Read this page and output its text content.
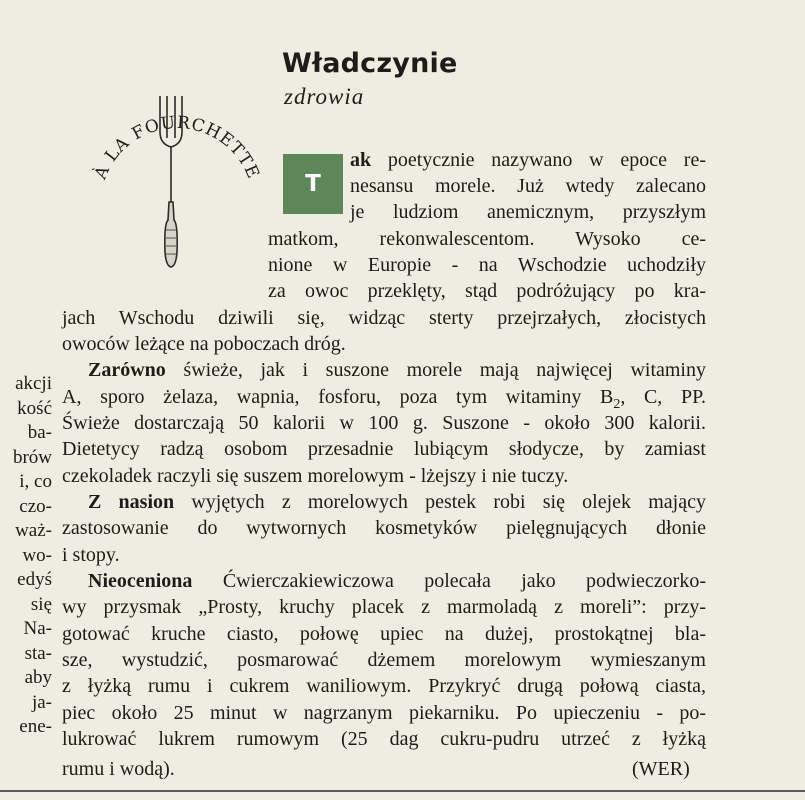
akcji
kość
ba-
brów
i, co
czo-
waż-
wo-
edyś
się
Na-
sta-
aby
ja-
ene-
À LA FOURCHETTE
Władczynie
zdrowia
T
ak poetycznie nazywano w epoce re-
nesansu morele. Już wtedy zalecano
je ludziom anemicznym, przyszłym
matkom, rekonwalescentom. Wysoko ce-
nione w Europie - na Wschodzie uchodziły
za owoc przeklęty, stąd podróżujący po kra-
jach Wschodu dziwili się, widząc sterty przejrzałych, złocistych
owoców leżące na poboczach dróg.
Zarówno świeże, jak i suszone morele mają najwięcej witaminy
A, sporo żelaza, wapnia, fosforu, poza tym witaminy $B_2$, C, PP.
Świeże dostarczają 50 kalorii w 100 g. Suszone - około 300 kalorii.
Dietetycy radzą osobom przesadnie lubiącym słodycze, by zamiast
czekoladek raczyli się suszem morelowym - lżejszy i nie tuczy.
Z nasion wyjętych z morelowych pestek robi się olejek mający
zastosowanie do wytwornych kosmetyków pielęgnujących dłonie
i stopy.
Nieoceniona Ćwierczakiewiczowa polecała jako podwieczorko-
wy przysmak „Prosty, kruchy placek z marmoladą z moreli”: przy-
gotować kruche ciasto, połowę upiec na dużej, prostokątnej bla-
sze, wystudzić, posmarować dżemem morelowym wymieszanym
z łyżką rumu i cukrem waniliowym. Przykryć drugą połową ciasta,
piec około 25 minut w nagrzanym piekarniku. Po upieczeniu - po-
lukrować lukrem rumowym (25 dag cukru-pudru utrzeć z łyżką
rumu i wodą).	(WER)
